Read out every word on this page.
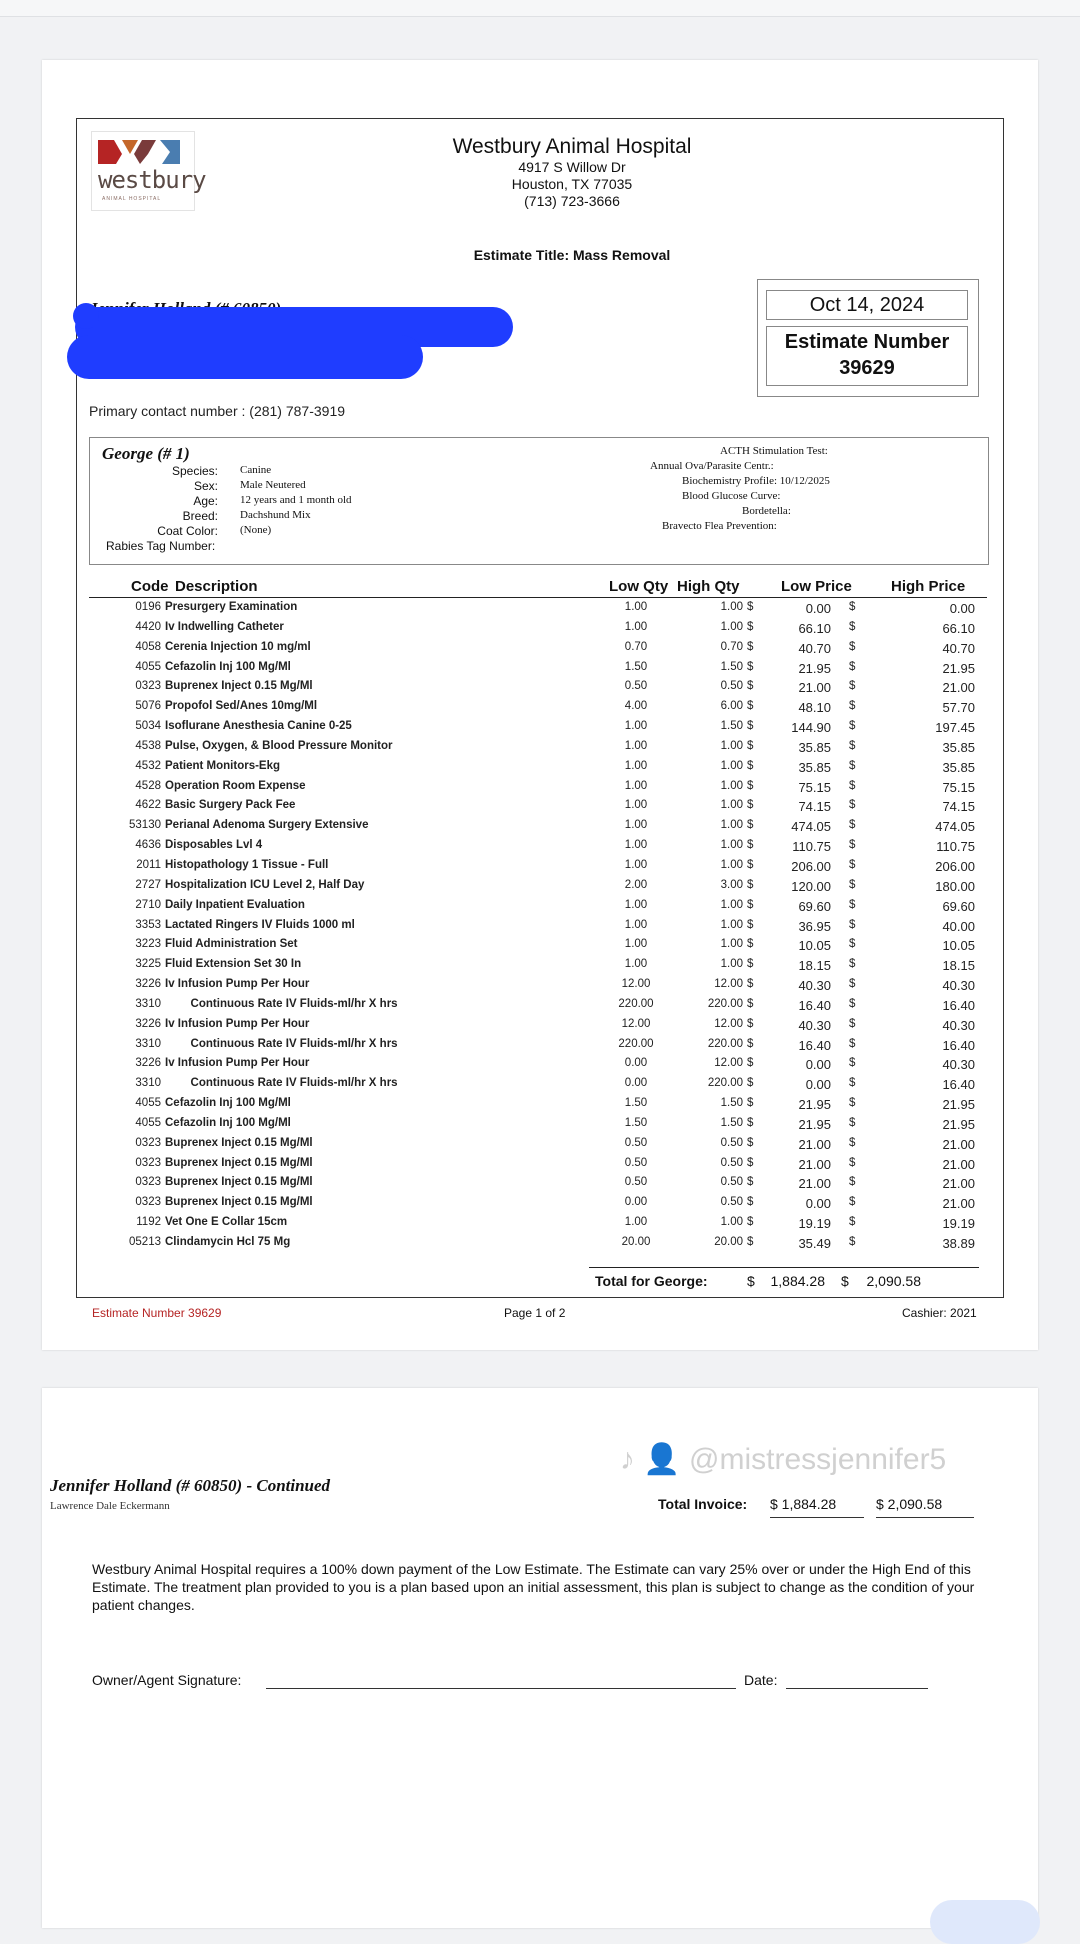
westbury
ANIMAL HOSPITAL
Westbury Animal Hospital
4917 S Willow Dr
Houston, TX 77035
(713) 723-3666
Estimate Title: Mass Removal
Primary contact number : (281) 787-3919
Oct 14, 2024
Estimate Number
39629
George (# 1)
Species: Canine
Sex: Male Neutered
Age: 12 years and 1 month old
Breed: Dachshund Mix
Coat Color: (None)
Rabies Tag Number:
ACTH Stimulation Test:
Annual Ova/Parasite Centr.:
Biochemistry Profile: 10/12/2025
Blood Glucose Curve:
Bordetella:
Bravecto Flea Prevention:
Code Description	Low Qty High Qty	Low Price	High Price
0196 Presurgery Examination	1.00	1.00 $	0.00 $	0.00
4420 Iv Indwelling Catheter	1.00	1.00 $	66.10 $	66.10
4058 Cerenia Injection 10 mg/ml	0.70	0.70 $	40.70 $	40.70
4055 Cefazolin Inj 100 Mg/Ml	1.50	1.50 $	21.95 $	21.95
0323 Buprenex Inject 0.15 Mg/Ml	0.50	0.50 $	21.00 $	21.00
5076 Propofol Sed/Anes 10mg/Ml	4.00	6.00 $	48.10 $	57.70
5034 Isoflurane Anesthesia Canine 0-25	1.00	1.50 $	144.90 $	197.45
4538 Pulse, Oxygen, & Blood Pressure Monitor	1.00	1.00 $	35.85 $	35.85
4532 Patient Monitors-Ekg	1.00	1.00 $	35.85 $	35.85
4528 Operation Room Expense	1.00	1.00 $	75.15 $	75.15
4622 Basic Surgery Pack Fee	1.00	1.00 $	74.15 $	74.15
53130 Perianal Adenoma Surgery Extensive	1.00	1.00 $	474.05 $	474.05
4636 Disposables Lvl 4	1.00	1.00 $	110.75 $	110.75
2011 Histopathology 1 Tissue - Full	1.00	1.00 $	206.00 $	206.00
2727 Hospitalization ICU Level 2, Half Day	2.00	3.00 $	120.00 $	180.00
2710 Daily Inpatient Evaluation	1.00	1.00 $	69.60 $	69.60
3353 Lactated Ringers IV Fluids 1000 ml	1.00	1.00 $	36.95 $	40.00
3223 Fluid Administration Set	1.00	1.00 $	10.05 $	10.05
3225 Fluid Extension Set 30 In	1.00	1.00 $	18.15 $	18.15
3226 Iv Infusion Pump Per Hour	12.00	12.00 $	40.30 $	40.30
3310 Continuous Rate IV Fluids-ml/hr X hrs	220.00	220.00 $	16.40 $	16.40
3226 Iv Infusion Pump Per Hour	12.00	12.00 $	40.30 $	40.30
3310 Continuous Rate IV Fluids-ml/hr X hrs	220.00	220.00 $	16.40 $	16.40
3226 Iv Infusion Pump Per Hour	0.00	12.00 $	0.00 $	40.30
3310 Continuous Rate IV Fluids-ml/hr X hrs	0.00	220.00 $	0.00 $	16.40
4055 Cefazolin Inj 100 Mg/Ml	1.50	1.50 $	21.95 $	21.95
4055 Cefazolin Inj 100 Mg/Ml	1.50	1.50 $	21.95 $	21.95
0323 Buprenex Inject 0.15 Mg/Ml	0.50	0.50 $	21.00 $	21.00
0323 Buprenex Inject 0.15 Mg/Ml	0.50	0.50 $	21.00 $	21.00
0323 Buprenex Inject 0.15 Mg/Ml	0.50	0.50 $	21.00 $	21.00
0323 Buprenex Inject 0.15 Mg/Ml	0.00	0.50 $	0.00 $	21.00
1192 Vet One E Collar 15cm	1.00	1.00 $	19.19 $	19.19
05213 Clindamycin Hcl 75 Mg	20.00	20.00 $	35.49 $	38.89
Total for George:	$	1,884.28 $	2,090.58
Estimate Number 39629	Page 1 of 2	Cashier: 2021
♪ 👤 @mistressjennifer5
Jennifer Holland (# 60850) - Continued
Lawrence Dale Eckermann	Total Invoice: $ 1,884.28	$ 2,090.58
Westbury Animal Hospital requires a 100% down payment of the Low Estimate. The Estimate can vary 25% over or under the High End of this Estimate. The treatment plan provided to you is a plan based upon an initial assessment, this plan is subject to change as the condition of your patient changes.
Owner/Agent Signature:	Date:
